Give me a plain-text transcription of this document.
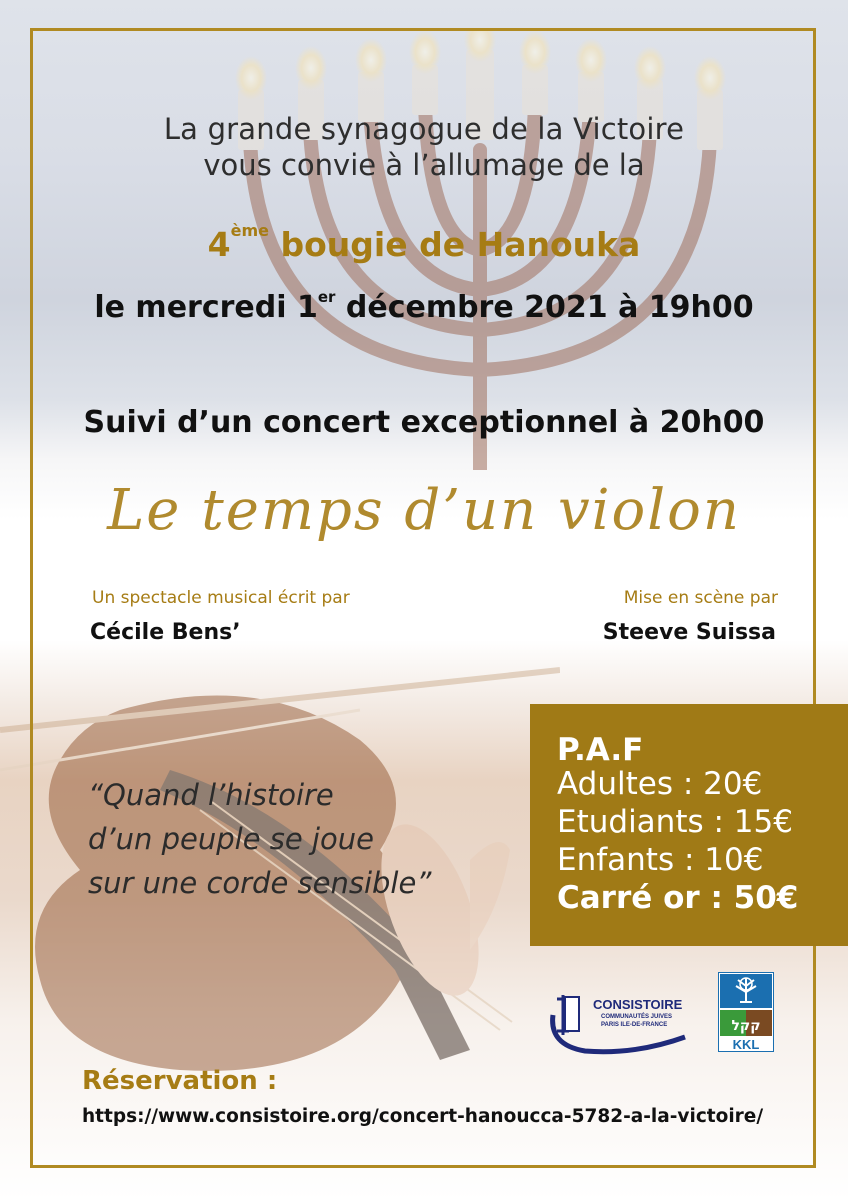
La grande synagogue de la Victoire
vous convie à l’allumage de la
4ème bougie de Hanouka
le mercredi 1er décembre 2021 à 19h00
Suivi d’un concert exceptionnel à 20h00
Le temps d’un violon
Un spectacle musical écrit par
Cécile Bens’
Mise en scène par
Steeve Suissa
P.A.F
Adultes : 20€
Etudiants : 15€
Enfants : 10€
Carré or : 50€
“Quand l’histoire
d’un peuple se joue
sur une corde sensible”
CONSISTOIRE
COMMUNAUTÉS JUIVES
PARIS ILE-DE-FRANCE	קקל
KKL
Réservation :
https://www.consistoire.org/concert-hanoucca-5782-a-la-victoire/
